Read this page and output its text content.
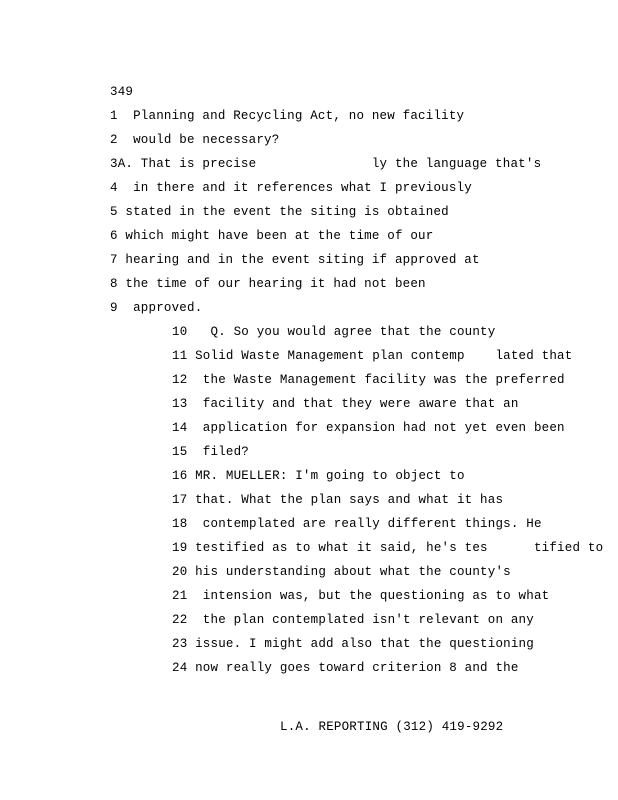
349
1  Planning and Recycling Act, no new facility
2  would be necessary?
3A. That is precise               ly the language that's
4  in there and it references what I previously
5 stated in the event the siting is obtained
6 which might have been at the time of our
7 hearing and in the event siting if approved at
8 the time of our hearing it had not been
9  approved.
10   Q. So you would agree that the county
11 Solid Waste Management plan contemp    lated that
12  the Waste Management facility was the preferred
13  facility and that they were aware that an
14  application for expansion had not yet even been
15  filed?
16 MR. MUELLER: I'm going to object to
17 that. What the plan says and what it has
18  contemplated are really different things. He
19 testified as to what it said, he's tes      tified to
20 his understanding about what the county's
21  intension was, but the questioning as to what
22  the plan contemplated isn't relevant on any
23 issue. I might add also that the questioning
24 now really goes toward criterion 8 and the
L.A. REPORTING (312) 419-9292
